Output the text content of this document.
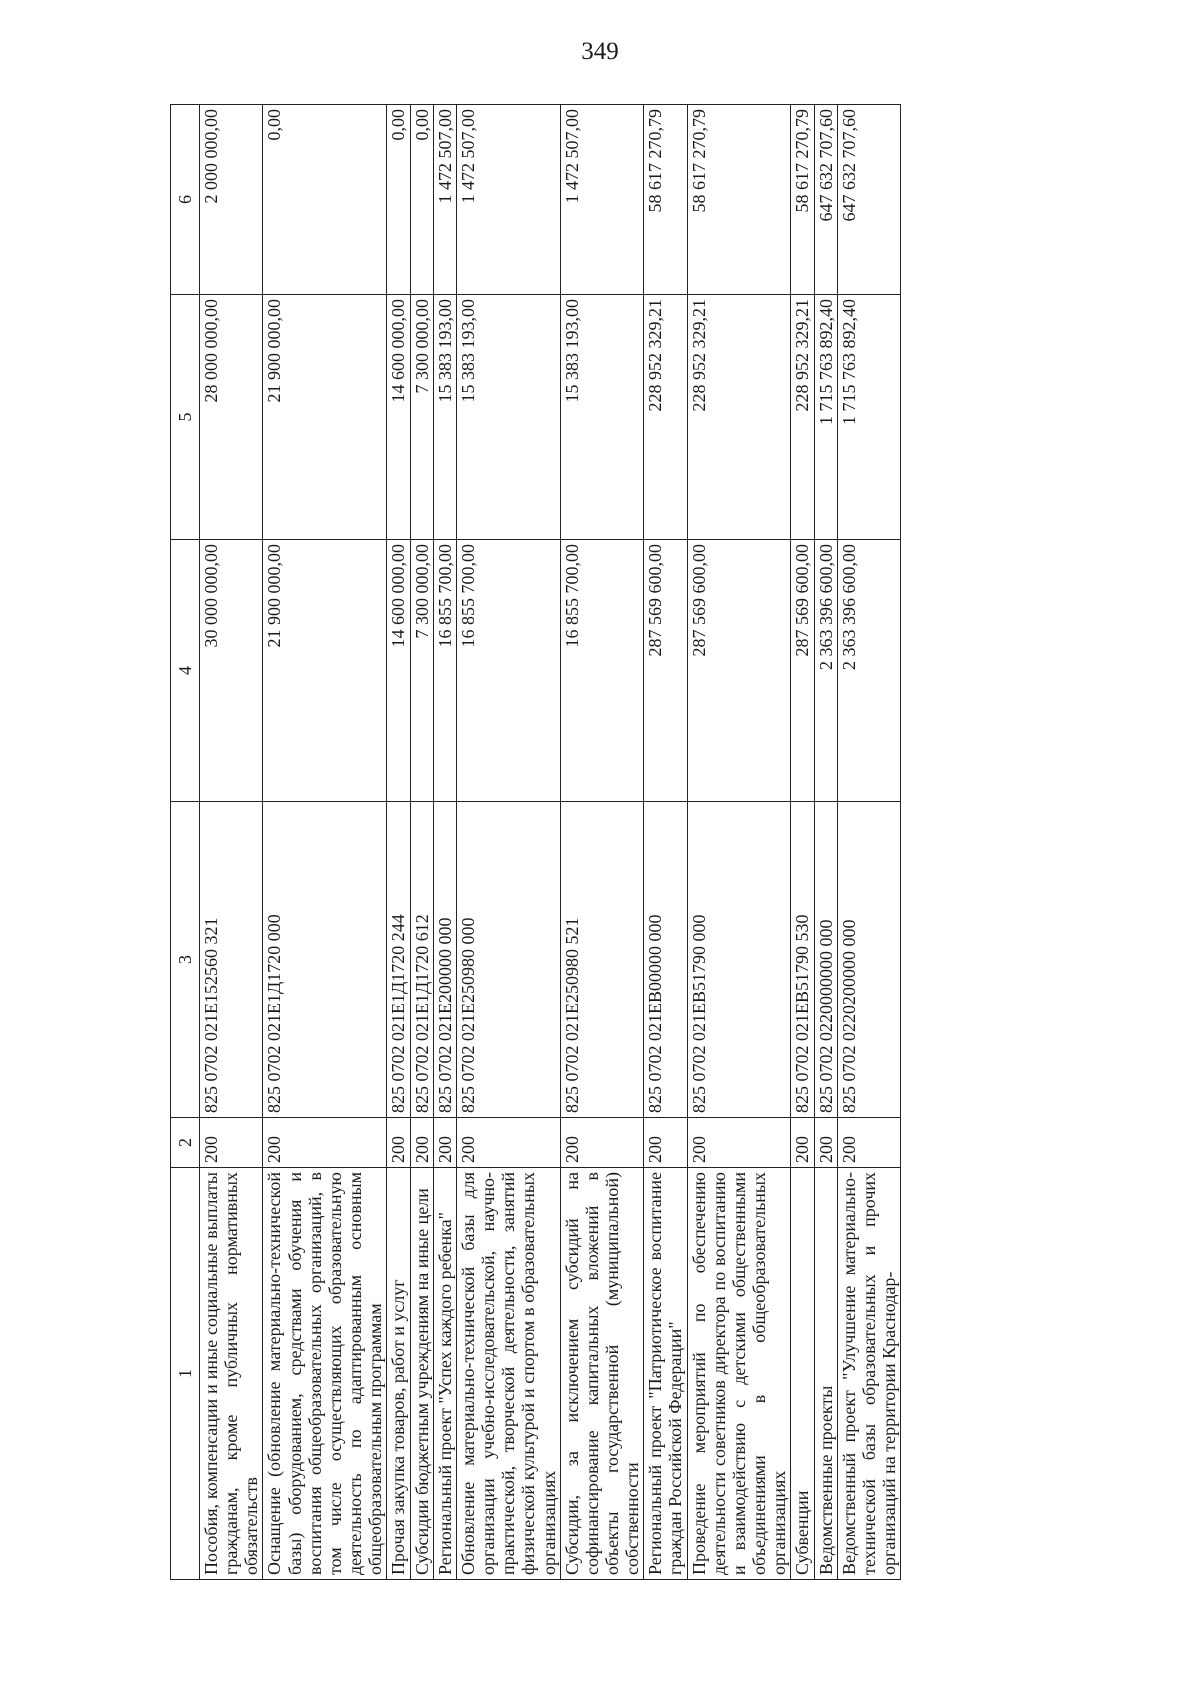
349
1	2	3	4	5	6
Пособия, компенсации и иные социальные выплаты гражданам, кроме публичных нормативных обязательств	200	825 0702 021Е152560 321	30 000 000,00	28 000 000,00	2 000 000,00
Оснащение (обновление материально-технической базы) оборудованием, средствами обучения и воспитания общеобразовательных организаций, в том числе осуществляющих образовательную деятельность по адаптированным основным общеобразовательным программам	200	825 0702 021Е1Д1720 000	21 900 000,00	21 900 000,00	0,00
Прочая закупка товаров, работ и услуг	200	825 0702 021Е1Д1720 244	14 600 000,00	14 600 000,00	0,00
Субсидии бюджетным учреждениям на иные цели	200	825 0702 021Е1Д1720 612	7 300 000,00	7 300 000,00	0,00
Региональный проект "Успех каждого ребенка"	200	825 0702 021Е200000 000	16 855 700,00	15 383 193,00	1 472 507,00
Обновление материально-технической базы для организации учебно-исследовательской, научно-практической, творческой деятельности, занятий физической культурой и спортом в образовательных организациях	200	825 0702 021Е250980 000	16 855 700,00	15 383 193,00	1 472 507,00
Субсидии, за исключением субсидий на софинансирование капитальных вложений в объекты государственной (муниципальной) собственности	200	825 0702 021Е250980 521	16 855 700,00	15 383 193,00	1 472 507,00
Региональный проект "Патриотическое воспитание граждан Российской Федерации"	200	825 0702 021ЕВ00000 000	287 569 600,00	228 952 329,21	58 617 270,79
Проведение мероприятий по обеспечению деятельности советников директора по воспитанию и взаимодействию с детскими общественными объединениями в общеобразовательных организациях	200	825 0702 021ЕВ51790 000	287 569 600,00	228 952 329,21	58 617 270,79
Субвенции	200	825 0702 021ЕВ51790 530	287 569 600,00	228 952 329,21	58 617 270,79
Ведомственные проекты	200	825 0702 0220000000 000	2 363 396 600,00	1 715 763 892,40	647 632 707,60
Ведомственный проект "Улучшение материально-технической базы образовательных и прочих организаций на территории Краснодар-	200	825 0702 0220200000 000	2 363 396 600,00	1 715 763 892,40	647 632 707,60
